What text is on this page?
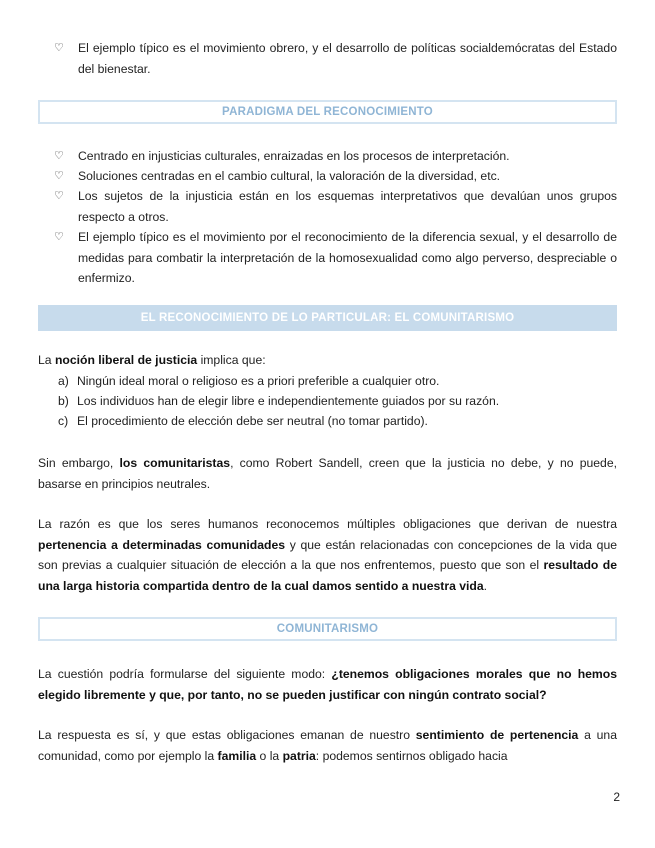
♡	El ejemplo típico es el movimiento obrero, y el desarrollo de políticas socialdemócratas del Estado del bienestar.
PARADIGMA DEL RECONOCIMIENTO
♡	Centrado en injusticias culturales, enraizadas en los procesos de interpretación.
♡	Soluciones centradas en el cambio cultural, la valoración de la diversidad, etc.
♡	Los sujetos de la injusticia están en los esquemas interpretativos que devalúan unos grupos respecto a otros.
♡	El ejemplo típico es el movimiento por el reconocimiento de la diferencia sexual, y el desarrollo de medidas para combatir la interpretación de la homosexualidad como algo perverso, despreciable o enfermizo.
EL RECONOCIMIENTO DE LO PARTICULAR: EL COMUNITARISMO
La noción liberal de justicia implica que:
a) Ningún ideal moral o religioso es a priori preferible a cualquier otro.
b) Los individuos han de elegir libre e independientemente guiados por su razón.
c) El procedimiento de elección debe ser neutral (no tomar partido).
Sin embargo, los comunitaristas, como Robert Sandell, creen que la justicia no debe, y no puede, basarse en principios neutrales.
La razón es que los seres humanos reconocemos múltiples obligaciones que derivan de nuestra pertenencia a determinadas comunidades y que están relacionadas con concepciones de la vida que son previas a cualquier situación de elección a la que nos enfrentemos, puesto que son el resultado de una larga historia compartida dentro de la cual damos sentido a nuestra vida.
COMUNITARISMO
La cuestión podría formularse del siguiente modo: ¿tenemos obligaciones morales que no hemos elegido libremente y que, por tanto, no se pueden justificar con ningún contrato social?
La respuesta es sí, y que estas obligaciones emanan de nuestro sentimiento de pertenencia a una comunidad, como por ejemplo la familia o la patria: podemos sentirnos obligado hacia
2
